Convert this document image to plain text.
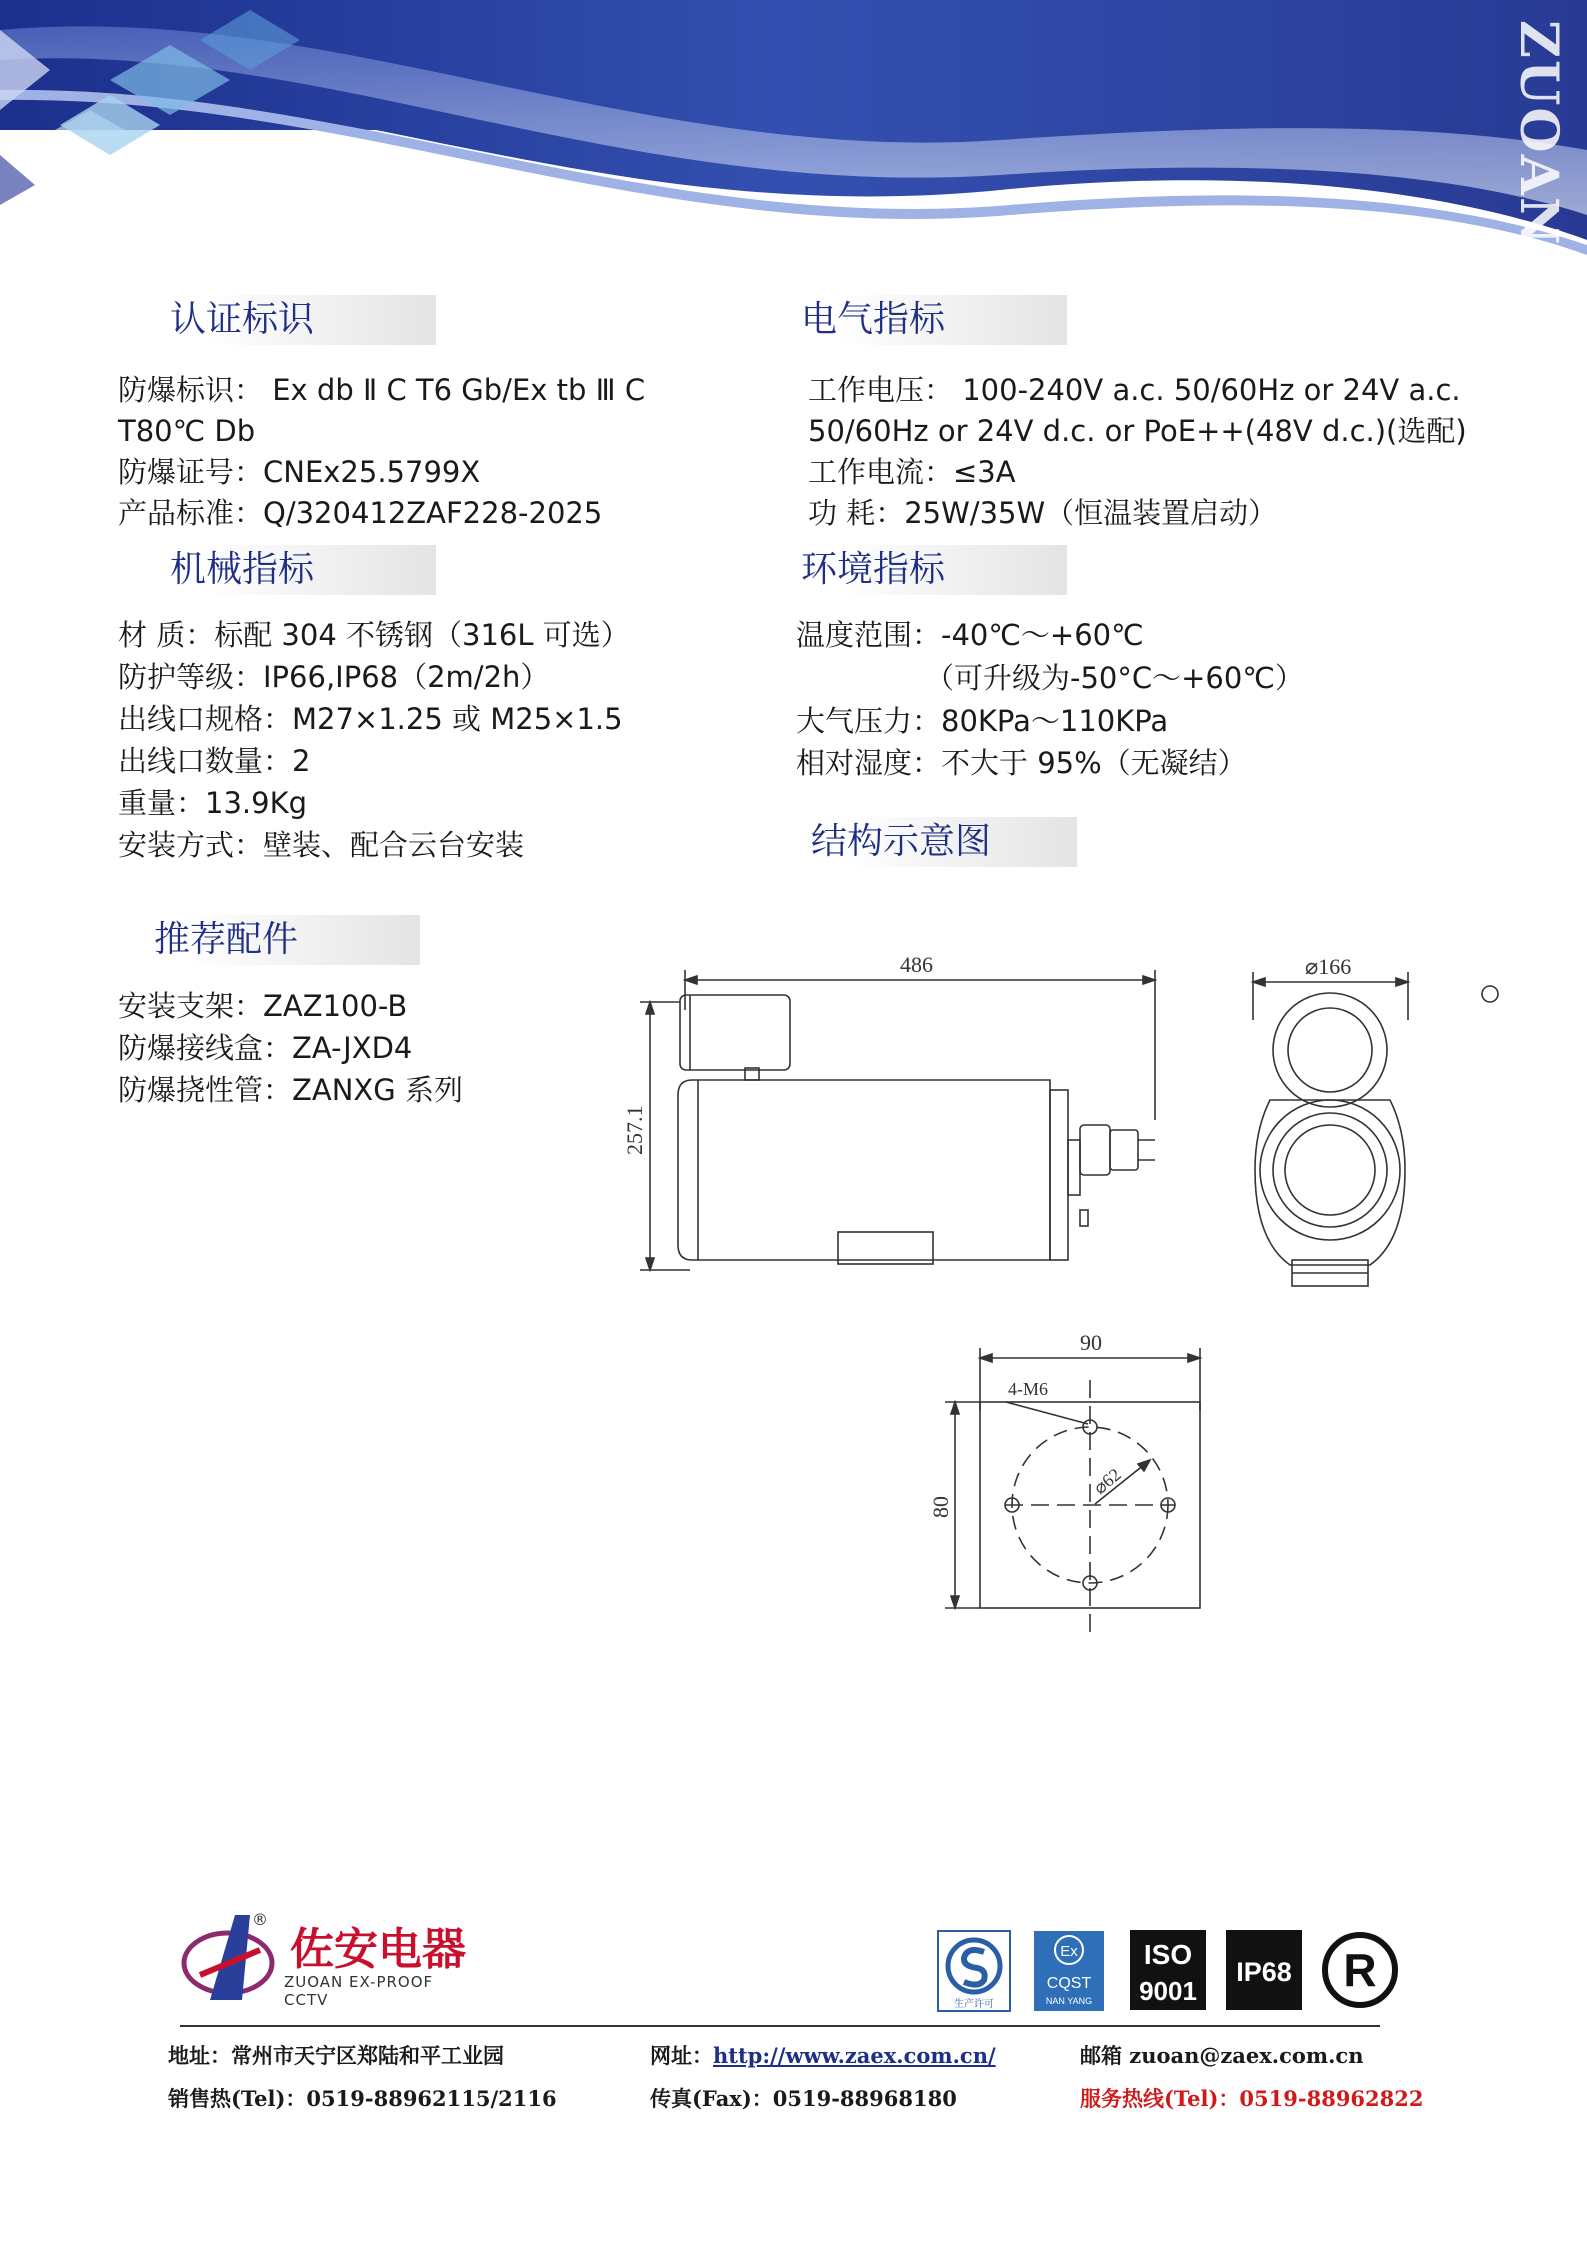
ZUOAN
认证标识
防爆标识： Ex db Ⅱ C T6 Gb/Ex tb Ⅲ C
T80℃ Db
防爆证号：CNEx25.5799X
产品标准：Q/320412ZAF228-2025
电气指标
工作电压： 100-240V a.c. 50/60Hz or 24V a.c.
50/60Hz or 24V d.c. or PoE++(48V d.c.)(选配)
工作电流：≤3A
功 耗：25W/35W（恒温装置启动）
机械指标
材 质：标配 304 不锈钢（316L 可选）
防护等级：IP66,IP68（2m/2h）
出线口规格：M27×1.25 或 M25×1.5
出线口数量：2
重量：13.9Kg
安装方式：壁装、配合云台安装
环境指标
温度范围：-40℃～+60℃
（可升级为-50°C～+60℃）
大气压力：80KPa～110KPa
相对湿度：不大于 95%（无凝结）
结构示意图
推荐配件
安装支架：ZAZ100-B
防爆接线盒：ZA-JXD4
防爆挠性管：ZANXG 系列
486
257.1
⌀166
90
80
4-M6
⌀62
®
佐安电器
ZUOAN EX-PROOF CCTV	生产许可
Ex
CQST
NAN YANG
ISO
9001
IP68 R
地址：常州市天宁区郑陆和平工业园	网址：http://www.zaex.com.cn/	邮箱 zuoan@zaex.com.cn
销售热(Tel)：0519-88962115/2116	传真(Fax)：0519-88968180	服务热线(Tel)：0519-88962822
